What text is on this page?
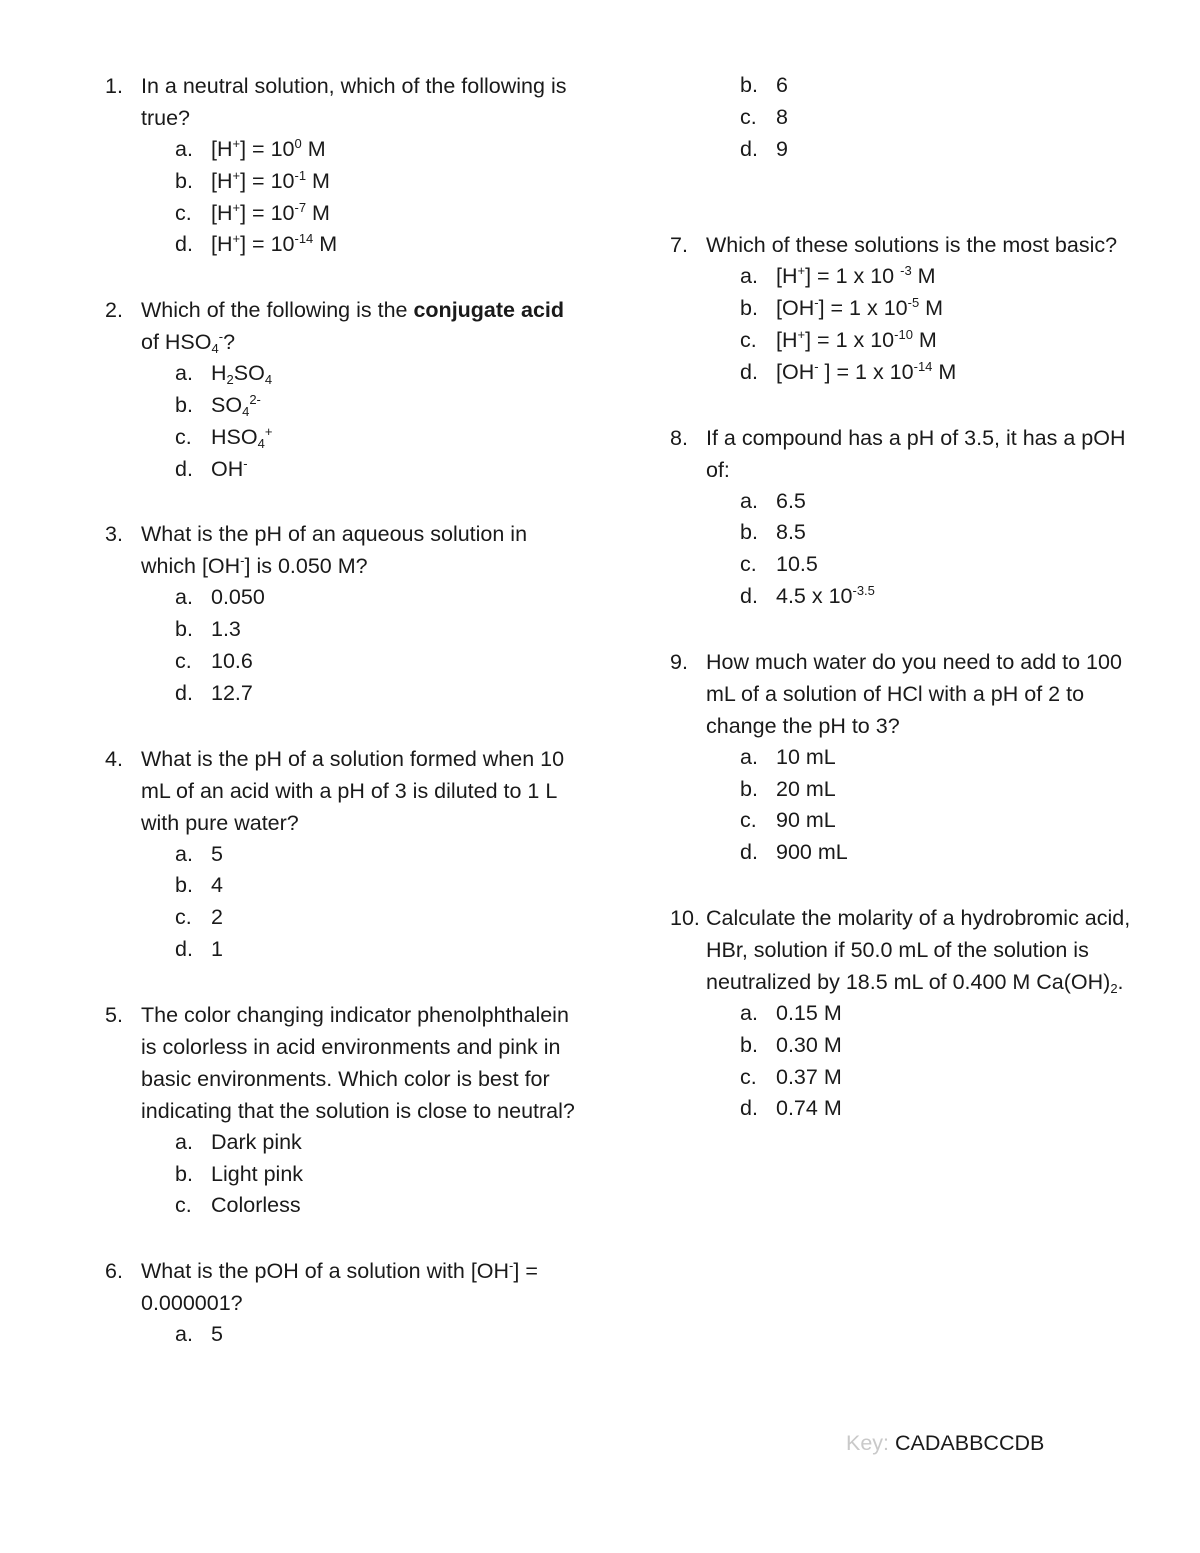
1. In a neutral solution, which of the following is true?
a. $[H^+] = 10^0$ M
b. $[H^+] = 10^{-1}$ M
c. $[H^+] = 10^{-7}$ M
d. $[H^+] = 10^{-14}$ M
2. Which of the following is the conjugate acid of $HSO_4^-$?
a. $H_2SO_4$
b. $SO_4^{2-}$
c. $HSO_4^+$
d. OH-
3. What is the pH of an aqueous solution in which [OH-] is 0.050 M?
a. 0.050
b. 1.3
c. 10.6
d. 12.7
4. What is the pH of a solution formed when 10 mL of an acid with a pH of 3 is diluted to 1 L with pure water?
a. 5
b. 4
c. 2
d. 1
5. The color changing indicator phenolphthalein is colorless in acid environments and pink in basic environments. Which color is best for indicating that the solution is close to neutral?
a. Dark pink
b. Light pink
c. Colorless
6. What is the pOH of a solution with [OH-] = 0.000001?
a. 5
b. 6
c. 8
d. 9
7. Which of these solutions is the most basic?
a. [H+] = 1 x 10 $^{-3}$ M
b. [OH-] = 1 x $10^{-5}$ M
c. [H+] = 1 x $10^{-10}$ M
d. [OH- ] = 1 x $10^{-14}$ M
8. If a compound has a pH of 3.5, it has a pOH of:
a. 6.5
b. 8.5
c. 10.5
d. 4.5 x $10^{-3.5}$
9. How much water do you need to add to 100 mL of a solution of HCl with a pH of 2 to change the pH to 3?
a. 10 mL
b. 20 mL
c. 90 mL
d. 900 mL
10. Calculate the molarity of a hydrobromic acid, HBr, solution if 50.0 mL of the solution is neutralized by 18.5 mL of 0.400 M $Ca(OH)_2$.
a. 0.15 M
b. 0.30 M
c. 0.37 M
d. 0.74 M
Key: CADABBCCDB
